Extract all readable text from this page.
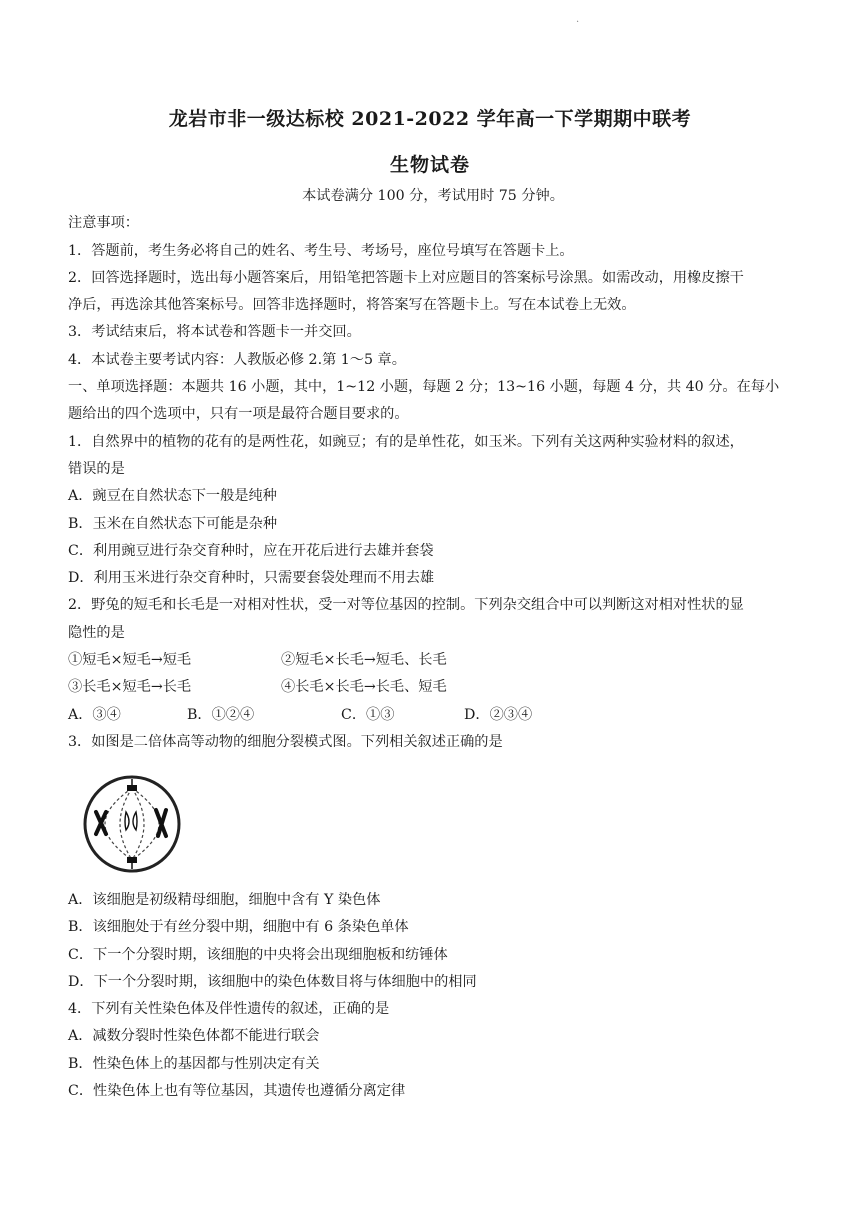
.
龙岩市非一级达标校 2021-2022 学年高一下学期期中联考
生物试卷
本试卷满分 100 分，考试用时 75 分钟。
注意事项：
1．答题前，考生务必将自己的姓名、考生号、考场号，座位号填写在答题卡上。
2．回答选择题时，选出每小题答案后，用铅笔把答题卡上对应题目的答案标号涂黑。如需改动，用橡皮擦干
净后，再选涂其他答案标号。回答非选择题时，将答案写在答题卡上。写在本试卷上无效。
3．考试结束后，将本试卷和答题卡一并交回。
4．本试卷主要考试内容：人教版必修 2.第 1～5 章。
一、单项选择题：本题共 16 小题，其中，1~12 小题，每题 2 分；13~16 小题，每题 4 分，共 40 分。在每小
题给出的四个选项中，只有一项是最符合题目要求的。
1．自然界中的植物的花有的是两性花，如豌豆；有的是单性花，如玉米。下列有关这两种实验材料的叙述，
错误的是
A．豌豆在自然状态下一般是纯种
B．玉米在自然状态下可能是杂种
C．利用豌豆进行杂交育种时，应在开花后进行去雄并套袋
D．利用玉米进行杂交育种时，只需要套袋处理而不用去雄
2．野兔的短毛和长毛是一对相对性状，受一对等位基因的控制。下列杂交组合中可以判断这对相对性状的显
隐性的是
①短毛×短毛→短毛	②短毛×长毛→短毛、长毛
③长毛×短毛→长毛	④长毛×长毛→长毛、短毛
A．③④	B．①②④	C．①③	D．②③④
3．如图是二倍体高等动物的细胞分裂模式图。下列相关叙述正确的是
A．该细胞是初级精母细胞，细胞中含有 Y 染色体
B．该细胞处于有丝分裂中期，细胞中有 6 条染色单体
C．下一个分裂时期，该细胞的中央将会出现细胞板和纺锤体
D．下一个分裂时期，该细胞中的染色体数目将与体细胞中的相同
4．下列有关性染色体及伴性遗传的叙述，正确的是
A．减数分裂时性染色体都不能进行联会
B．性染色体上的基因都与性别决定有关
C．性染色体上也有等位基因，其遗传也遵循分离定律
